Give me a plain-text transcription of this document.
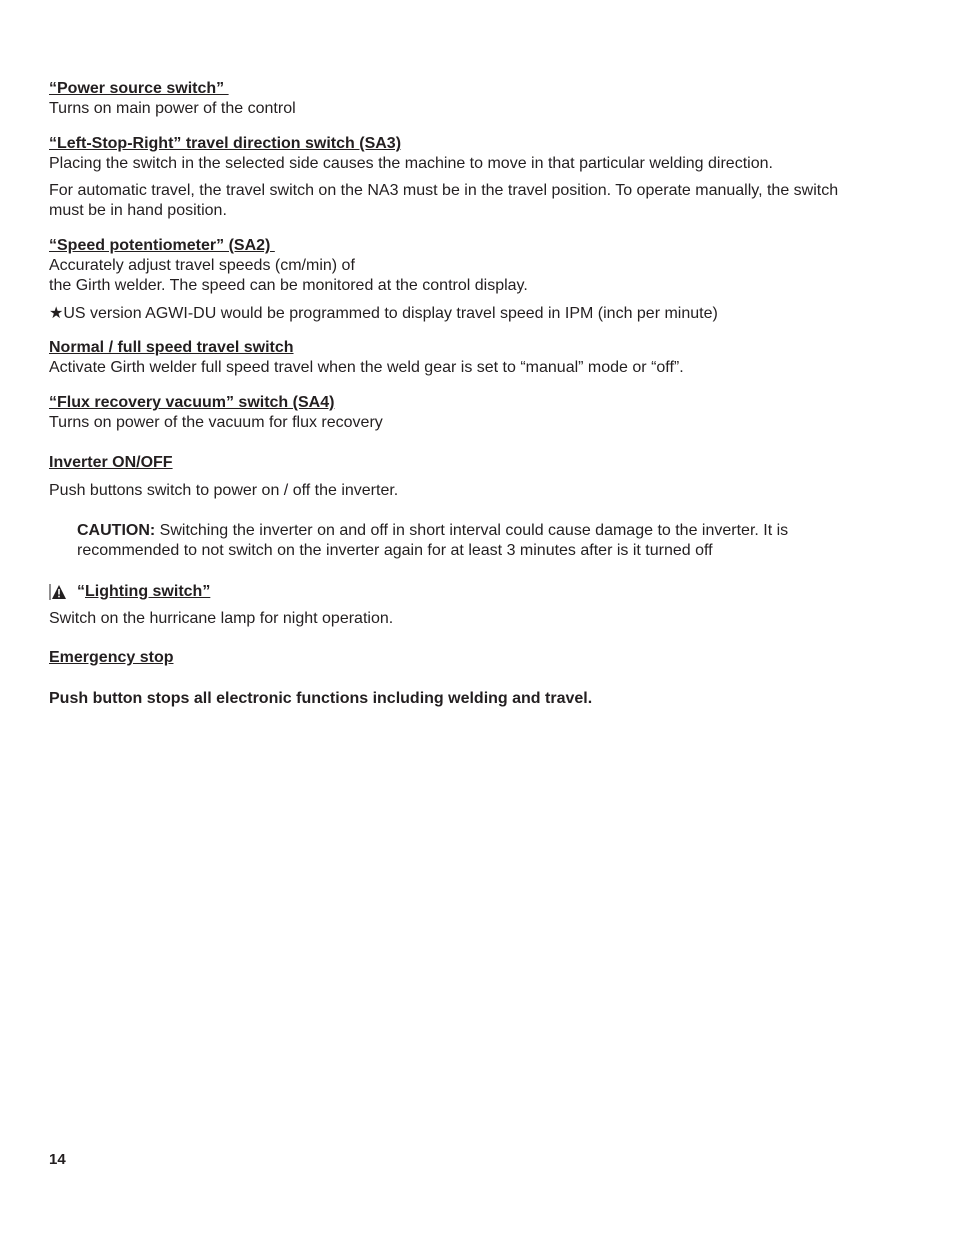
“Power source switch”

Turns on main power of the control

“Left-Stop-Right” travel direction switch (SA3)

Placing the switch in the selected side causes the machine to move in that particular welding direction.

For automatic travel, the travel switch on the NA3 must be in the travel position. To operate manually, the switch must be in hand position.

“Speed potentiometer” (SA2)

Accurately adjust travel speeds (cm/min) of

the Girth welder. The speed can be monitored at the control display.

★US version AGWI-DU would be programmed to display travel speed in IPM (inch per minute)

Normal / full speed travel switch

Activate Girth welder full speed travel when the weld gear is set to “manual” mode or “off”.

“Flux recovery vacuum” switch (SA4)

Turns on power of the vacuum for flux recovery

Inverter ON/OFF

Push buttons switch to power on / off the inverter.

CAUTION: Switching the inverter on and off in short interval could cause damage to the inverter. It is recommended to not switch on the inverter again for at least 3 minutes after is it turned off

“Lighting switch”

Switch on the hurricane lamp for night operation.

Emergency stop

Push button stops all electronic functions including welding and travel.

14
